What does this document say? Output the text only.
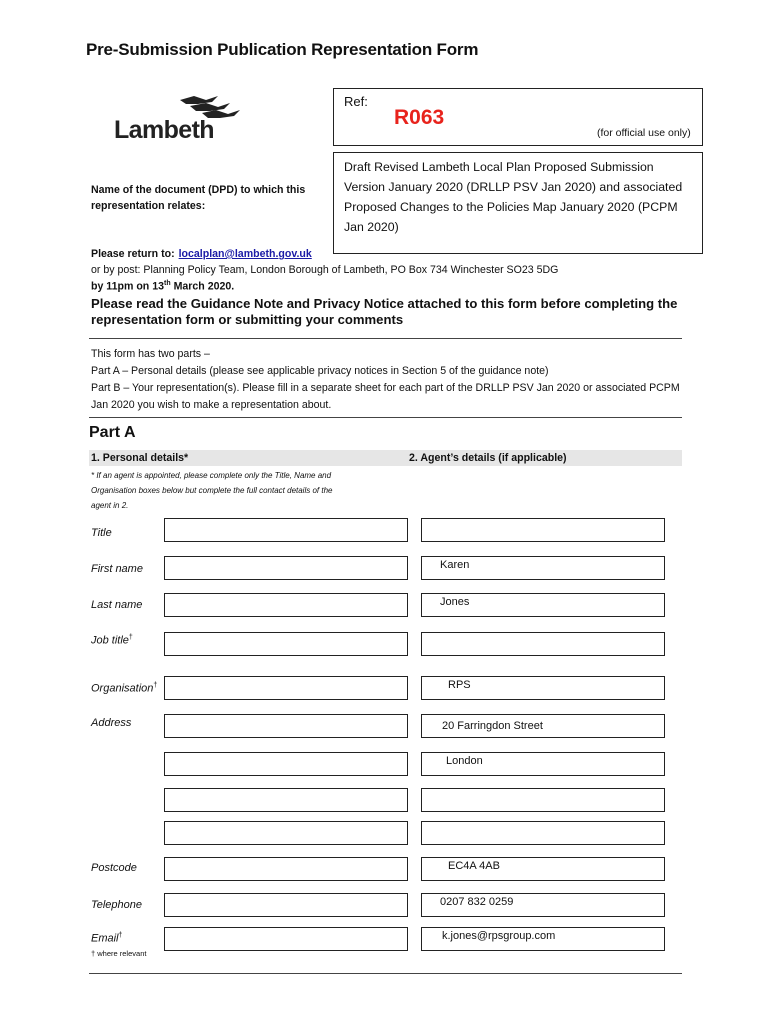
Pre-Submission Publication Representation Form
Lambeth
Ref:
R063
(for official use only)
Name of the document (DPD) to which this representation relates:
Draft Revised Lambeth Local Plan Proposed Submission Version January 2020 (DRLLP PSV Jan 2020) and associated Proposed Changes to the Policies Map January 2020 (PCPM Jan 2020)
Please return to: localplan@lambeth.gov.uk
or by post: Planning Policy Team, London Borough of Lambeth, PO Box 734 Winchester SO23 5DG
by 11pm on 13th March 2020.
Please read the Guidance Note and Privacy Notice attached to this form before completing the representation form or submitting your comments
This form has two parts –
Part A – Personal details (please see applicable privacy notices in Section 5 of the guidance note)
Part B – Your representation(s). Please fill in a separate sheet for each part of the DRLLP PSV Jan 2020 or associated PCPM Jan 2020 you wish to make a representation about.
Part A
1. Personal details*	2. Agent’s details (if applicable)
* If an agent is appointed, please complete only the Title, Name and Organisation boxes below but complete the full contact details of the agent in 2.
Title
First name	Karen
Last name	Jones
Job title†
Organisation†	RPS
Address	20 Farringdon Street
London
Postcode	EC4A 4AB
Telephone	0207 832 0259
Email†	k.jones@rpsgroup.com
† where relevant
